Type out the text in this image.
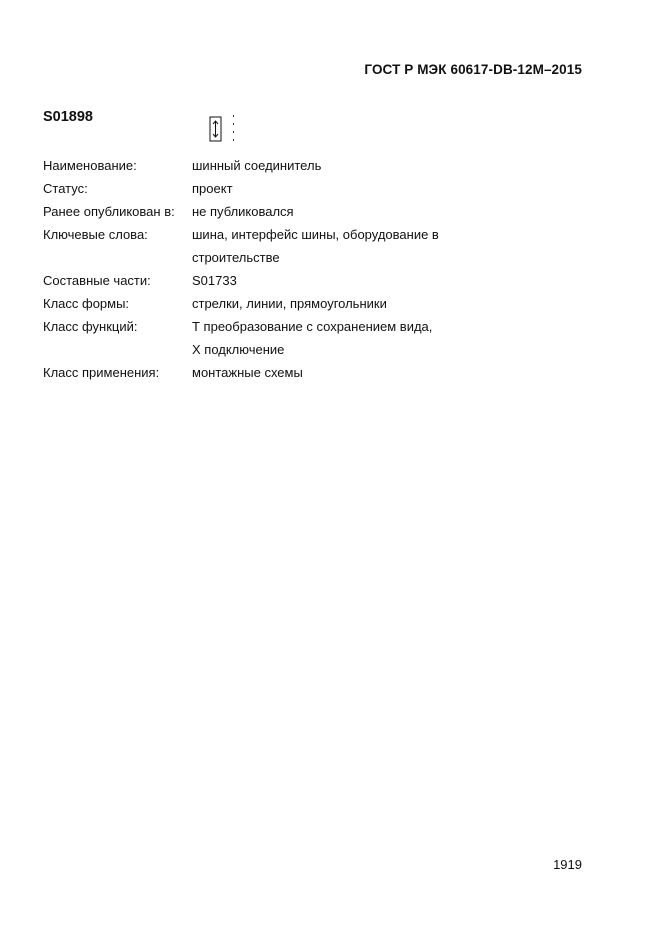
ГОСТ Р МЭК 60617-DB-12M–2015
S01898
Наименование:	шинный соединитель
Статус:	проект
Ранее опубликован в:	не публиковался
Ключевые слова:	шина, интерфейс шины, оборудование в
строительстве
Составные части:	S01733
Класс формы:	стрелки, линии, прямоугольники
Класс функций:	Т преобразование с сохранением вида,
Х подключение
Класс применения:	монтажные схемы
1919
